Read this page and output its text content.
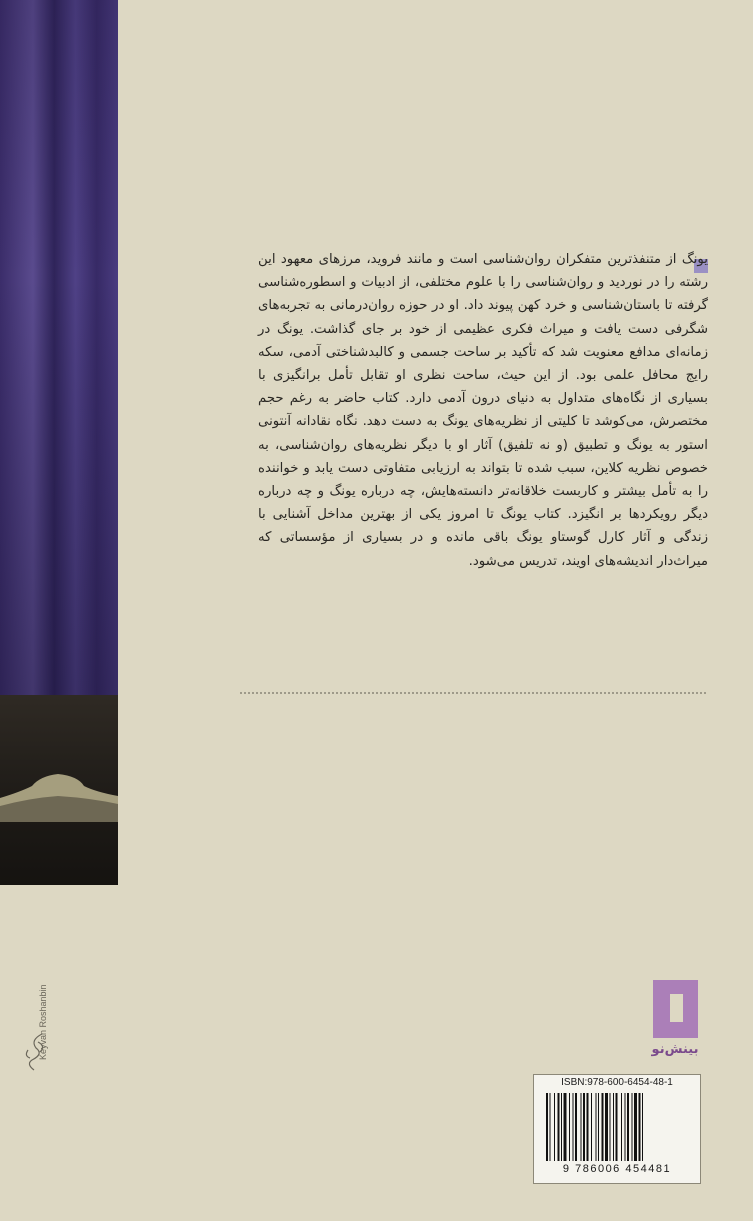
یونگ از متنفذترین متفکران روان‌شناسی است و مانند فروید، مرزهای معهود این رشته را در نوردید و روان‌شناسی را با علوم مختلفی، از ادبیات و اسطوره‌شناسی گرفته تا باستان‌شناسی و خرد کهن پیوند داد. او در حوزه روان‌درمانی به تجربه‌های شگرفی دست یافت و میراث فکری عظیمی از خود بر جای گذاشت. یونگ در زمانه‌ای مدافع معنویت شد که تأکید بر ساحت جسمی و کالبدشناختی آدمی، سکه رایج محافل علمی بود. از این حیث، ساحت نظری او تقابل تأمل برانگیزی با بسیاری از نگاه‌های متداول به دنیای درون آدمی دارد. کتاب حاضر به رغم حجم مختصرش، می‌کوشد تا کلیتی از نظریه‌های یونگ به دست دهد. نگاه نقادانه آنتونی استور به یونگ و تطبیق (و نه تلفیق) آثار او با دیگر نظریه‌های روان‌شناسی، به خصوص نظریه کلاین، سبب شده تا بتواند به ارزیابی متفاوتی دست یابد و خواننده را به تأمل بیشتر و کاربست خلاقانه‌تر دانسته‌هایش، چه درباره یونگ و چه درباره دیگر رویکردها بر انگیزد. کتاب یونگ تا امروز یکی از بهترین مداخل آشنایی با زندگی و آثار کارل گوستاو یونگ باقی مانده و در بسیاری از مؤسساتی که میراث‌دار اندیشه‌های اویند، تدریس می‌شود.
بینش‌نو
ISBN:978-600-6454-48-1
9 786006 454481
Keyvan Roshanbin
